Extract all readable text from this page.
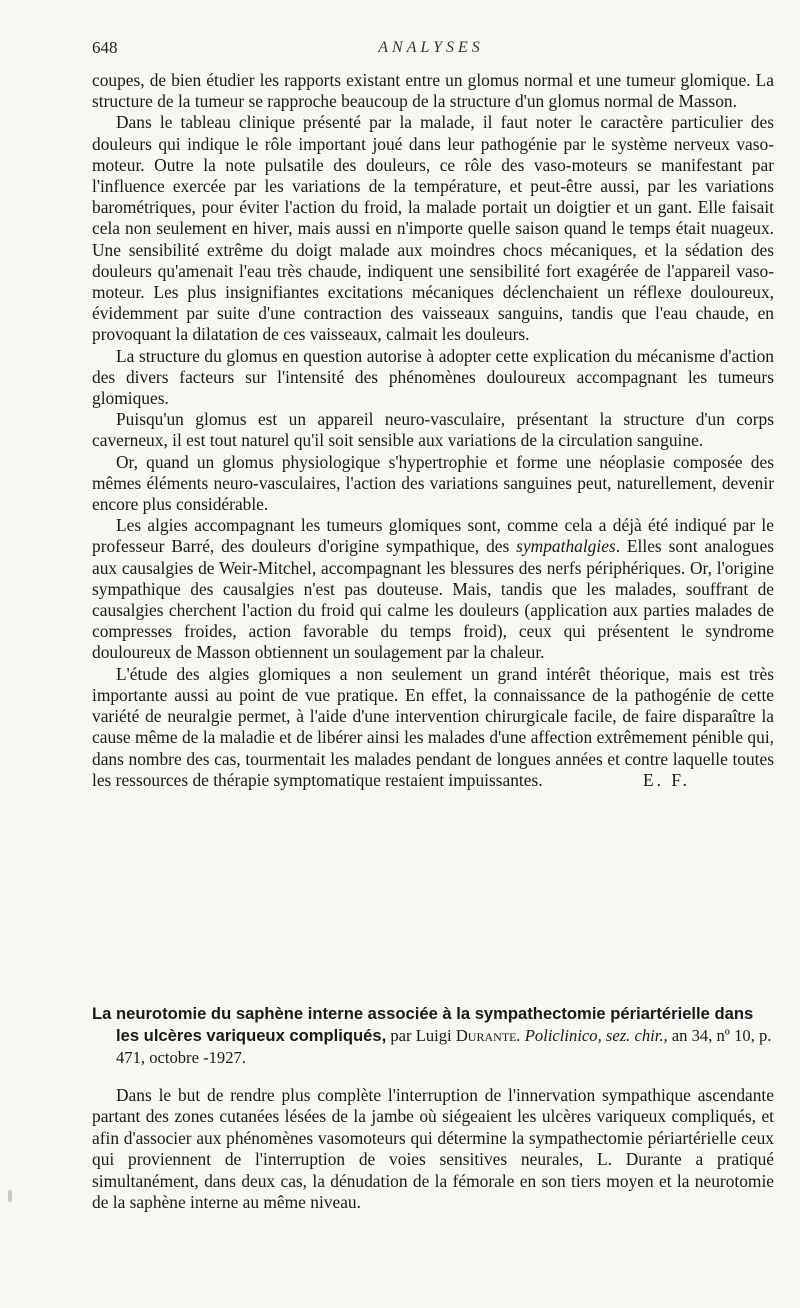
648	ANALYSES

coupes, de bien étudier les rapports existant entre un glomus normal et une tumeur glomique. La structure de la tumeur se rapproche beaucoup de la structure d'un glomus normal de Masson.

Dans le tableau clinique présenté par la malade, il faut noter le caractère particulier des douleurs qui indique le rôle important joué dans leur pathogénie par le système nerveux vaso-moteur. Outre la note pulsatile des douleurs, ce rôle des vaso-moteurs se manifestant par l'influence exercée par les variations de la température, et peut-être aussi, par les variations barométriques, pour éviter l'action du froid, la malade portait un doigtier et un gant. Elle faisait cela non seulement en hiver, mais aussi en n'importe quelle saison quand le temps était nuageux. Une sensibilité extrême du doigt malade aux moindres chocs mécaniques, et la sédation des douleurs qu'amenait l'eau très chaude, indiquent une sensibilité fort exagérée de l'appareil vaso-moteur. Les plus insignifiantes excitations mécaniques déclenchaient un réflexe douloureux, évidemment par suite d'une contraction des vaisseaux sanguins, tandis que l'eau chaude, en provoquant la dilatation de ces vaisseaux, calmait les douleurs.

La structure du glomus en question autorise à adopter cette explication du mécanisme d'action des divers facteurs sur l'intensité des phénomènes douloureux accompagnant les tumeurs glomiques.

Puisqu'un glomus est un appareil neuro-vasculaire, présentant la structure d'un corps caverneux, il est tout naturel qu'il soit sensible aux variations de la circulation sanguine.

Or, quand un glomus physiologique s'hypertrophie et forme une néoplasie composée des mêmes éléments neuro-vasculaires, l'action des variations sanguines peut, naturellement, devenir encore plus considérable.

Les algies accompagnant les tumeurs glomiques sont, comme cela a déjà été indiqué par le professeur Barré, des douleurs d'origine sympathique, des sympathalgies. Elles sont analogues aux causalgies de Weir-Mitchel, accompagnant les blessures des nerfs périphériques. Or, l'origine sympathique des causalgies n'est pas douteuse. Mais, tandis que les malades, souffrant de causalgies cherchent l'action du froid qui calme les douleurs (application aux parties malades de compresses froides, action favorable du temps froid), ceux qui présentent le syndrome douloureux de Masson obtiennent un soulagement par la chaleur.

L'étude des algies glomiques a non seulement un grand intérêt théorique, mais est très importante aussi au point de vue pratique. En effet, la connaissance de la pathogénie de cette variété de neuralgie permet, à l'aide d'une intervention chirurgicale facile, de faire disparaître la cause même de la maladie et de libérer ainsi les malades d'une affection extrêmement pénible qui, dans nombre des cas, tourmentait les malades pendant de longues années et contre laquelle toutes les ressources de thérapie symptomatique restaient impuissantes.	E. F.

La neurotomie du saphène interne associée à la sympathectomie périartérielle dans les ulcères variqueux compliqués, par Luigi Durante. Policlinico, sez. chir., an 34, nº 10, p. 471, octobre -1927.

Dans le but de rendre plus complète l'interruption de l'innervation sympathique ascendante partant des zones cutanées lésées de la jambe où siégeaient les ulcères variqueux compliqués, et afin d'associer aux phénomènes vasomoteurs qui détermine la sympathectomie périartérielle ceux qui proviennent de l'interruption de voies sensitives neurales, L. Durante a pratiqué simultanément, dans deux cas, la dénudation de la fémorale en son tiers moyen et la neurotomie de la saphène interne au même niveau.
